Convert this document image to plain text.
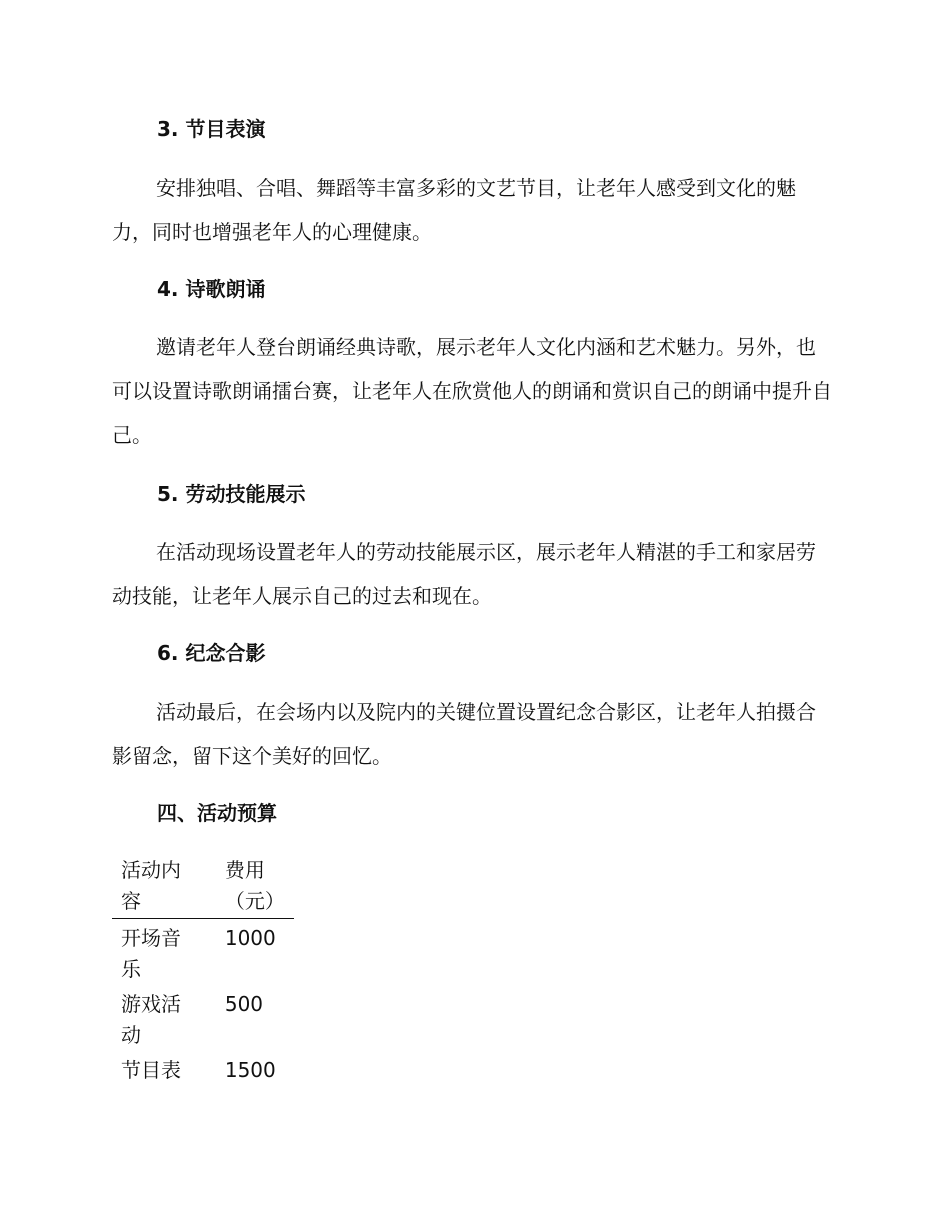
3. 节目表演

安排独唱、合唱、舞蹈等丰富多彩的文艺节目，让老年人感受到文化的魅力，同时也增强老年人的心理健康。

4. 诗歌朗诵

邀请老年人登台朗诵经典诗歌，展示老年人文化内涵和艺术魅力。另外，也可以设置诗歌朗诵擂台赛，让老年人在欣赏他人的朗诵和赏识自己的朗诵中提升自己。

5. 劳动技能展示

在活动现场设置老年人的劳动技能展示区，展示老年人精湛的手工和家居劳动技能，让老年人展示自己的过去和现在。

6. 纪念合影

活动最后，在会场内以及院内的关键位置设置纪念合影区，让老年人拍摄合影留念，留下这个美好的回忆。

四、活动预算
活动内容	费用（元）

开场音乐	1000

游戏活动	500

节目表	1500
